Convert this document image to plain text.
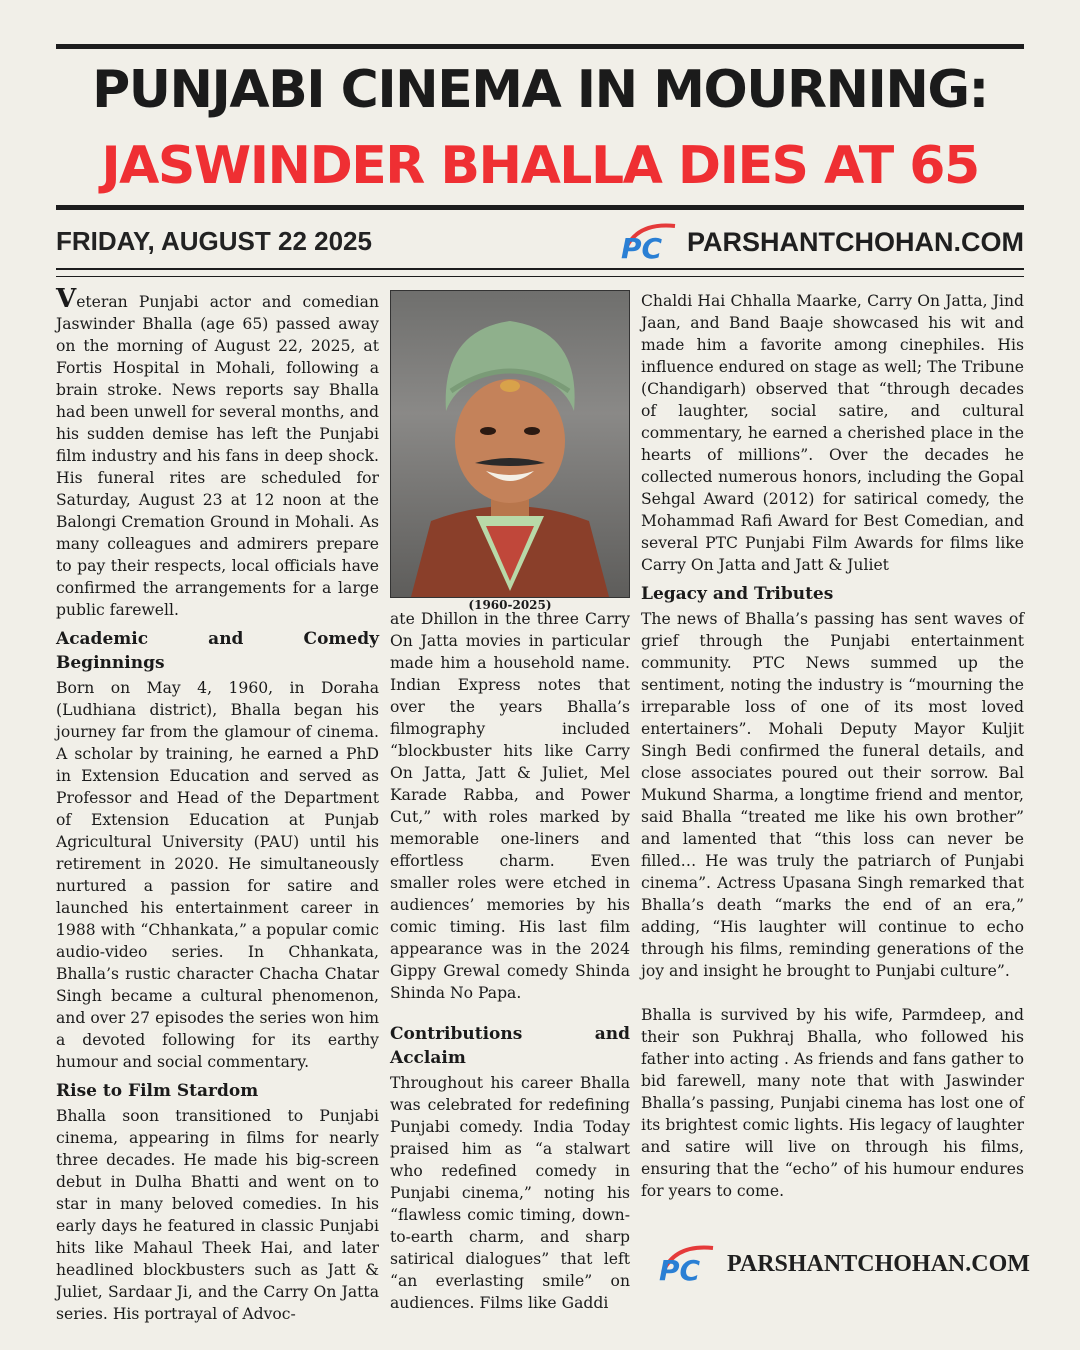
PUNJABI CINEMA IN MOURNING:
JASWINDER BHALLA DIES AT 65
FRIDAY, AUGUST 22 2025	PC PARSHANTCHOHAN.COM

Veteran Punjabi actor and comedian Jaswinder Bhalla (age 65) passed away on the morning of August 22, 2025, at Fortis Hospital in Mohali, following a brain stroke. News reports say Bhalla had been unwell for several months, and his sudden demise has left the Punjabi film industry and his fans in deep shock. His funeral rites are scheduled for Saturday, August 23 at 12 noon at the Balongi Cremation Ground in Mohali. As many colleagues and admirers prepare to pay their respects, local officials have confirmed the arrangements for a large public farewell.

Academic and Comedy Beginnings

Born on May 4, 1960, in Doraha (Ludhiana district), Bhalla began his journey far from the glamour of cinema. A scholar by training, he earned a PhD in Extension Education and served as Professor and Head of the Department of Extension Education at Punjab Agricultural University (PAU) until his retirement in 2020. He simultaneously nurtured a passion for satire and launched his entertainment career in 1988 with “Chhankata,” a popular comic audio-video series. In Chhankata, Bhalla’s rustic character Chacha Chatar Singh became a cultural phenomenon, and over 27 episodes the series won him a devoted following for its earthy humour and social commentary.

Rise to Film Stardom

Bhalla soon transitioned to Punjabi cinema, appearing in films for nearly three decades. He made his big-screen debut in Dulha Bhatti and went on to star in many beloved comedies. In his early days he featured in classic Punjabi hits like Mahaul Theek Hai, and later headlined blockbusters such as Jatt & Juliet, Sardaar Ji, and the Carry On Jatta series. His portrayal of Advoc-

(1960-2025)

ate Dhillon in the three Carry On Jatta movies in particular made him a household name. Indian Express notes that over the years Bhalla’s filmography included “blockbuster hits like Carry On Jatta, Jatt & Juliet, Mel Karade Rabba, and Power Cut,” with roles marked by memorable one-liners and effortless charm. Even smaller roles were etched in audiences’ memories by his comic timing. His last film appearance was in the 2024 Gippy Grewal comedy Shinda Shinda No Papa.

Contributions and Acclaim

Throughout his career Bhalla was celebrated for redefining Punjabi comedy. India Today praised him as “a stalwart who redefined comedy in Punjabi cinema,” noting his “flawless comic timing, down-to-earth charm, and sharp satirical dialogues” that left “an everlasting smile” on audiences. Films like Gaddi

Chaldi Hai Chhalla Maarke, Carry On Jatta, Jind Jaan, and Band Baaje showcased his wit and made him a favorite among cinephiles. His influence endured on stage as well; The Tribune (Chandigarh) observed that “through decades of laughter, social satire, and cultural commentary, he earned a cherished place in the hearts of millions”. Over the decades he collected numerous honors, including the Gopal Sehgal Award (2012) for satirical comedy, the Mohammad Rafi Award for Best Comedian, and several PTC Punjabi Film Awards for films like Carry On Jatta and Jatt & Juliet

Legacy and Tributes

The news of Bhalla’s passing has sent waves of grief through the Punjabi entertainment community. PTC News summed up the sentiment, noting the industry is “mourning the irreparable loss of one of its most loved entertainers”. Mohali Deputy Mayor Kuljit Singh Bedi confirmed the funeral details, and close associates poured out their sorrow. Bal Mukund Sharma, a longtime friend and mentor, said Bhalla “treated me like his own brother” and lamented that “this loss can never be filled… He was truly the patriarch of Punjabi cinema”. Actress Upasana Singh remarked that Bhalla’s death “marks the end of an era,” adding, “His laughter will continue to echo through his films, reminding generations of the joy and insight he brought to Punjabi culture”.

Bhalla is survived by his wife, Parmdeep, and their son Pukhraj Bhalla, who followed his father into acting ￼. As friends and fans gather to bid farewell, many note that with Jaswinder Bhalla’s passing, Punjabi cinema has lost one of its brightest comic lights. His legacy of laughter and satire will live on through his films, ensuring that the “echo” of his humour endures for years to come.

PC PARSHANTCHOHAN.COM
